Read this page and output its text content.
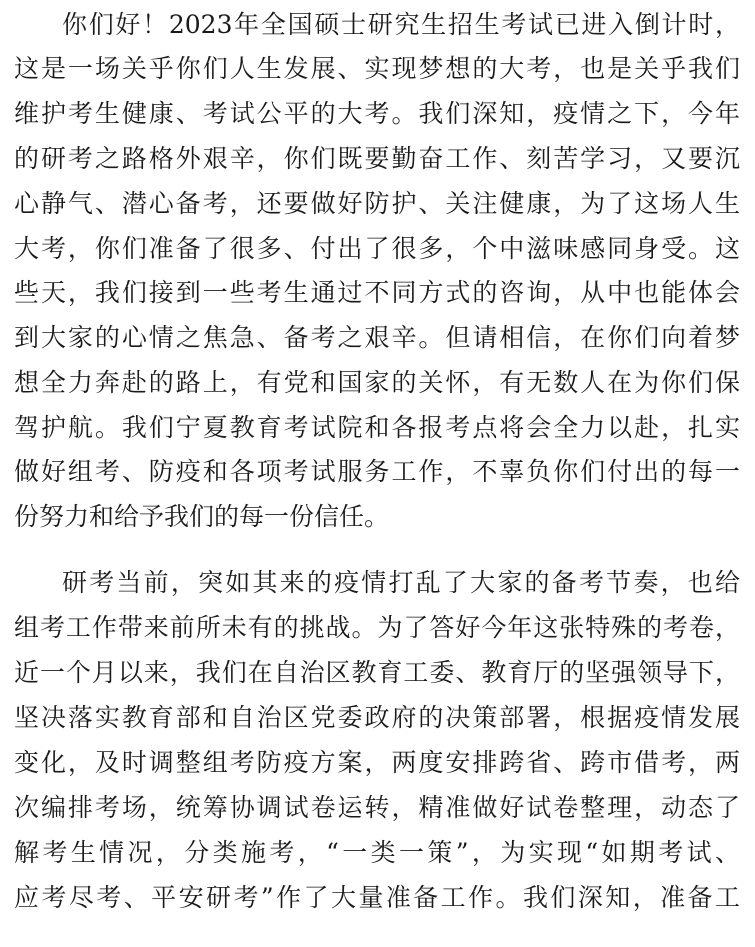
你们好！2023年全国硕士研究生招生考试已进入倒计时，
这是一场关乎你们人生发展、实现梦想的大考，也是关乎我们
维护考生健康、考试公平的大考。我们深知，疫情之下，今年
的研考之路格外艰辛，你们既要勤奋工作、刻苦学习，又要沉
心静气、潜心备考，还要做好防护、关注健康，为了这场人生
大考，你们准备了很多、付出了很多，个中滋味感同身受。这
些天，我们接到一些考生通过不同方式的咨询，从中也能体会
到大家的心情之焦急、备考之艰辛。但请相信，在你们向着梦
想全力奔赴的路上，有党和国家的关怀，有无数人在为你们保
驾护航。我们宁夏教育考试院和各报考点将会全力以赴，扎实
做好组考、防疫和各项考试服务工作，不辜负你们付出的每一
份努力和给予我们的每一份信任。
研考当前，突如其来的疫情打乱了大家的备考节奏，也给
组考工作带来前所未有的挑战。为了答好今年这张特殊的考卷，
近一个月以来，我们在自治区教育工委、教育厅的坚强领导下，
坚决落实教育部和自治区党委政府的决策部署，根据疫情发展
变化，及时调整组考防疫方案，两度安排跨省、跨市借考，两
次编排考场，统筹协调试卷运转，精准做好试卷整理，动态了
解考生情况，分类施考，“一类一策”，为实现“如期考试、
应考尽考、平安研考”作了大量准备工作。我们深知，准备工
